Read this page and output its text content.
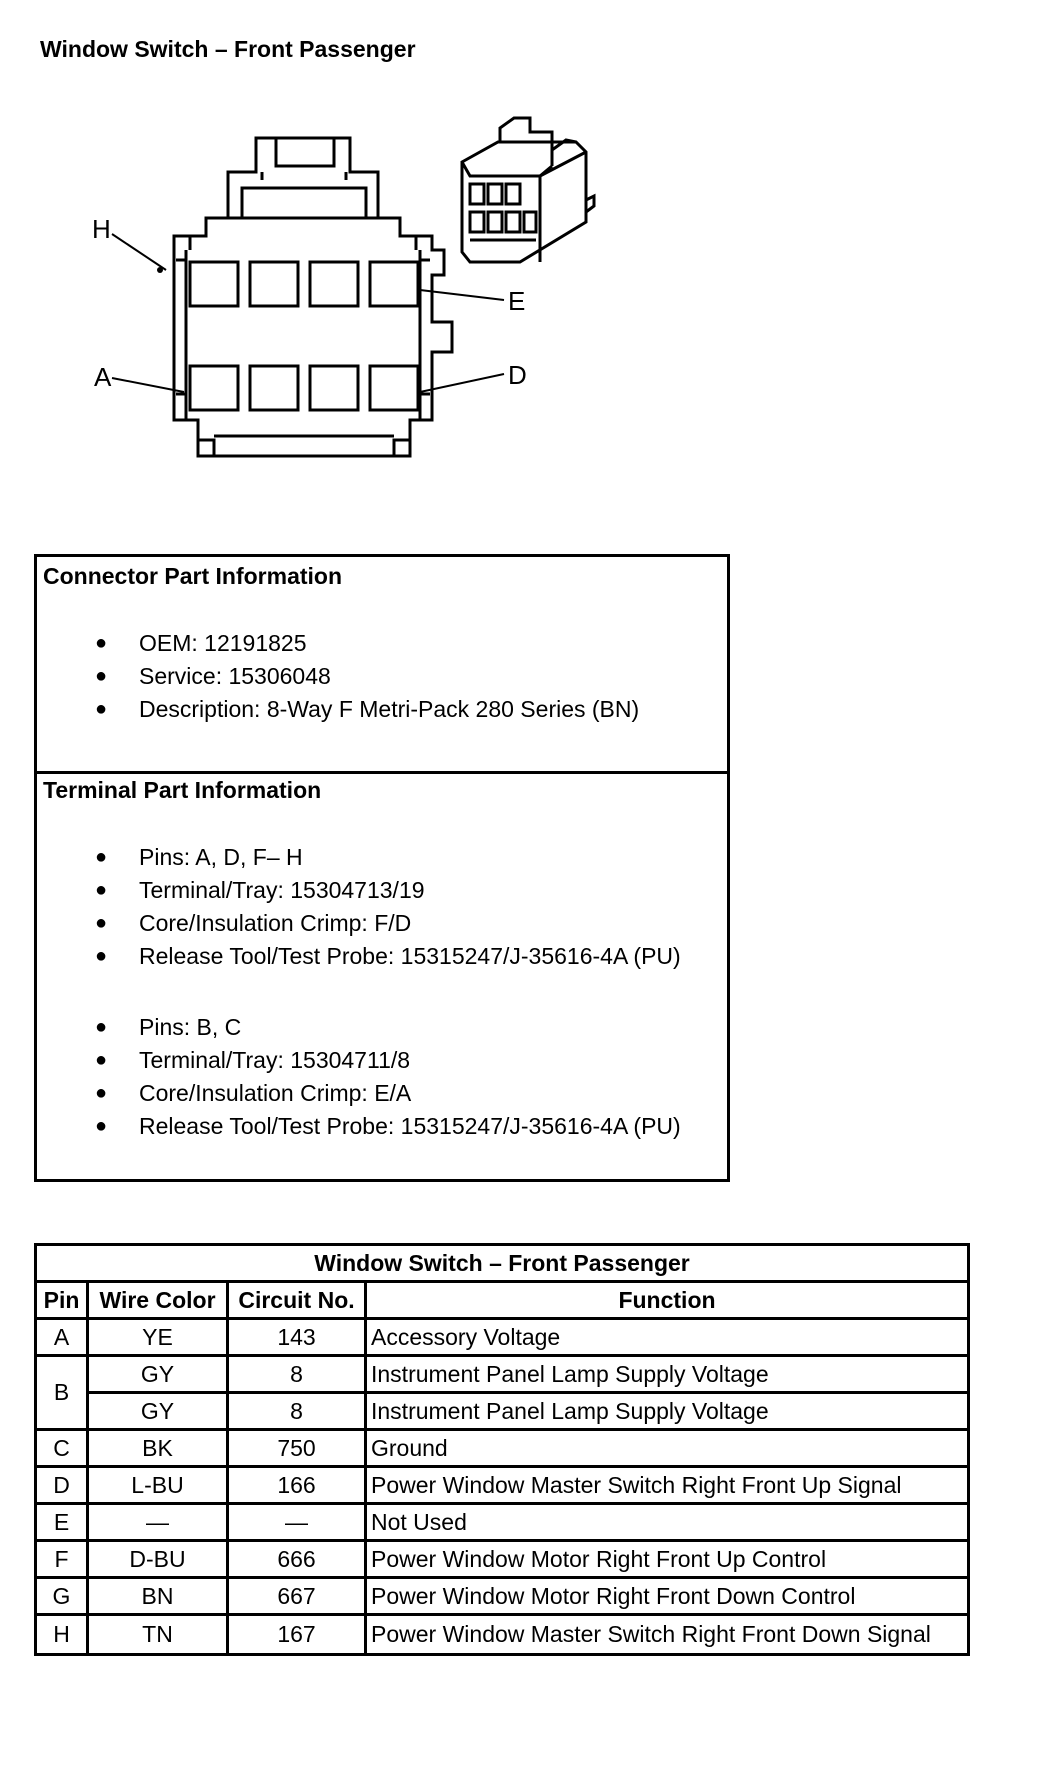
Window Switch – Front Passenger
H
E
A	D
Connector Part Information
● OEM: 12191825
● Service: 15306048
● Description: 8-Way F Metri-Pack 280 Series (BN)
Terminal Part Information
● Pins: A, D, F– H
● Terminal/Tray: 15304713/19
● Core/Insulation Crimp: F/D
● Release Tool/Test Probe: 15315247/J-35616-4A (PU)
● Pins: B, C
● Terminal/Tray: 15304711/8
● Core/Insulation Crimp: E/A
● Release Tool/Test Probe: 15315247/J-35616-4A (PU)
Window Switch – Front Passenger			
Pin	Wire Color	Circuit No.	Function
A	YE	143	Accessory Voltage
B	GY	8	Instrument Panel Lamp Supply Voltage
	GY	8	Instrument Panel Lamp Supply Voltage
C	BK	750	Ground
D	L-BU	166	Power Window Master Switch Right Front Up Signal
E	—	—	Not Used
F	D-BU	666	Power Window Motor Right Front Up Control
G	BN	667	Power Window Motor Right Front Down Control
H	TN	167	Power Window Master Switch Right Front Down Signal
